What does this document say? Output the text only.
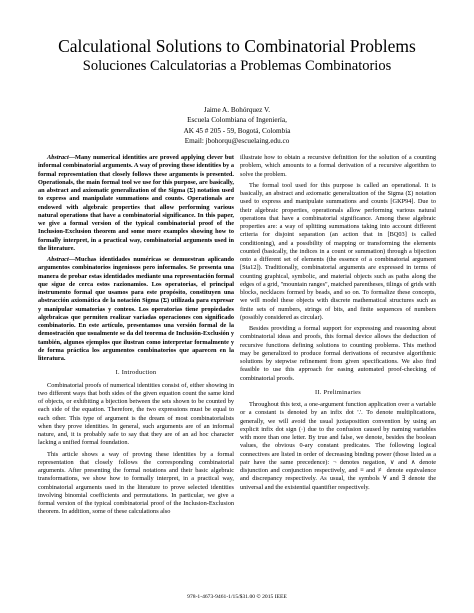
Calculational Solutions to Combinatorial Problems
Soluciones Calculatorias a Problemas Combinatorios
Jaime A. Bohórquez V.
Escuela Colombiana of Ingeniería,
AK 45 # 205 - 59, Bogotá, Colombia
Email: jbohorqu@escuelaing.edu.co

Abstract—Many numerical identities are proved applying clever but informal combinatorial arguments. A way of proving these identities by a formal representation that closely follows these arguments is presented. Operationals, the main formal tool we use for this purpose, are basically, an abstract and axiomatic generalization of the Sigma (Σ) notation used to express and manipulate summations and counts. Operationals are endowed with algebraic properties that allow performing various natural operations that have a combinatorial significance. In this paper, we give a formal version of the typical combinatorial proof of the Inclusion-Exclusion theorem and some more examples showing how to formally interpret, in a practical way, combinatorial arguments used in the literature.

Abstract—Muchas identidades numéricas se demuestran aplicando argumentos combinatorios ingeniosos pero informales. Se presenta una manera de probar estas identidades mediante una representación formal que sigue de cerca estos razionamios. Los operatorias, el principal instrumento formal que usamos para este propósito, constituyen una abstracción axiomática de la notación Sigma (Σ) utilizada para expresar y manipular sumatorias y conteos. Los operatorias tiene propiedades algebraicas que permiten realizar variadas operaciones con significado combinatorio. En este artículo, presentamos una versión formal de la demostración que usualmente se da del teorema de Inclusión-Exclusión y también, algunos ejemplos que ilustran como interpretar formalmente y de forma práctica los argumentos combinatorios que aparecen en la literatura.

I. Introduction

Combinatorial proofs of numerical identities consist of, either showing in two different ways that both sides of the given equation count the same kind of objects, or exhibiting a bijection between the sets shown to be counted by each side of the equation. Therefore, the two expressions must be equal to each other. This type of argument is the dream of most combinatorialists when they prove identities. In general, such arguments are of an informal nature, and, it is probably safe to say that they are of an ad hoc character lacking a unified formal foundation.

This article shows a way of proving these identities by a formal representation that closely follows the corresponding combinatorial arguments. After presenting the formal notations and their basic algebraic transformations, we show how to formally interpret, in a practical way, combinatorial arguments used in the literature to prove selected identities involving binomial coefficients and permutations. In particular, we give a formal version of the typical combinatorial proof of the Inclusion-Exclusion theorem. In addition, some of these calculations also

illustrate how to obtain a recursive definition for the solution of a counting problem, which amounts to a formal derivation of a recursive algorithm to solve the problem.

The formal tool used for this purpose is called an operational. It is basically, an abstract and axiomatic generalization of the Sigma (Σ) notation used to express and manipulate summations and counts [GKP94]. Due to their algebraic properties, operationals allow performing various natural operations that have a combinatorial significance. Among these algebraic properties are: a way of splitting summations taking into account different criteria for disjoint separation (an action that in [BQ03] is called conditioning), and a possibility of mapping or transforming the elements counted (basically, the indices in a count or summation) through a bijection onto a different set of elements (the essence of a combinatorial argument [Sta12]). Traditionally, combinatorial arguments are expressed in terms of counting graphical, symbolic, and material objects such as paths along the edges of a grid, "mountain ranges", matched parentheses, tilings of grids with blocks, necklaces formed by beads, and so on. To formalize these concepts, we will model these objects with discrete mathematical structures such as finite sets of numbers, strings of bits, and finite sequences of numbers (possibly considered as circular).

Besides providing a formal support for expressing and reasoning about combinatorial ideas and proofs, this formal device allows the deduction of recursive functions defining solutions to counting problems. This method may be generalized to produce formal derivations of recursive algorithmic solutions by stepwise refinement from given specifications. We also find feasible to use this approach for easing automated proof-checking of combinatorial proofs.

II. Preliminaries

Throughout this text, a one-argument function application over a variable or a constant is denoted by an infix dot '.'. To denote multiplications, generally, we will avoid the usual juxtaposition convention by using an explicit infix dot sign (·) due to the confusion caused by naming variables with more than one letter. By true and false, we denote, besides the boolean values, the obvious 0-ary constant predicates. The following logical connectives are listed in order of decreasing binding power (those listed as a pair have the same precedence): ¬ denotes negation, ∨ and ∧ denote disjunction and conjunction respectively, and ≡ and ≢ denote equivalence and discrepancy respectively. As usual, the symbols ∀ and ∃ denote the universal and the existential quantifier respectively.

978-1-4673-9461-1/15/$31.00 © 2015 IEEE
